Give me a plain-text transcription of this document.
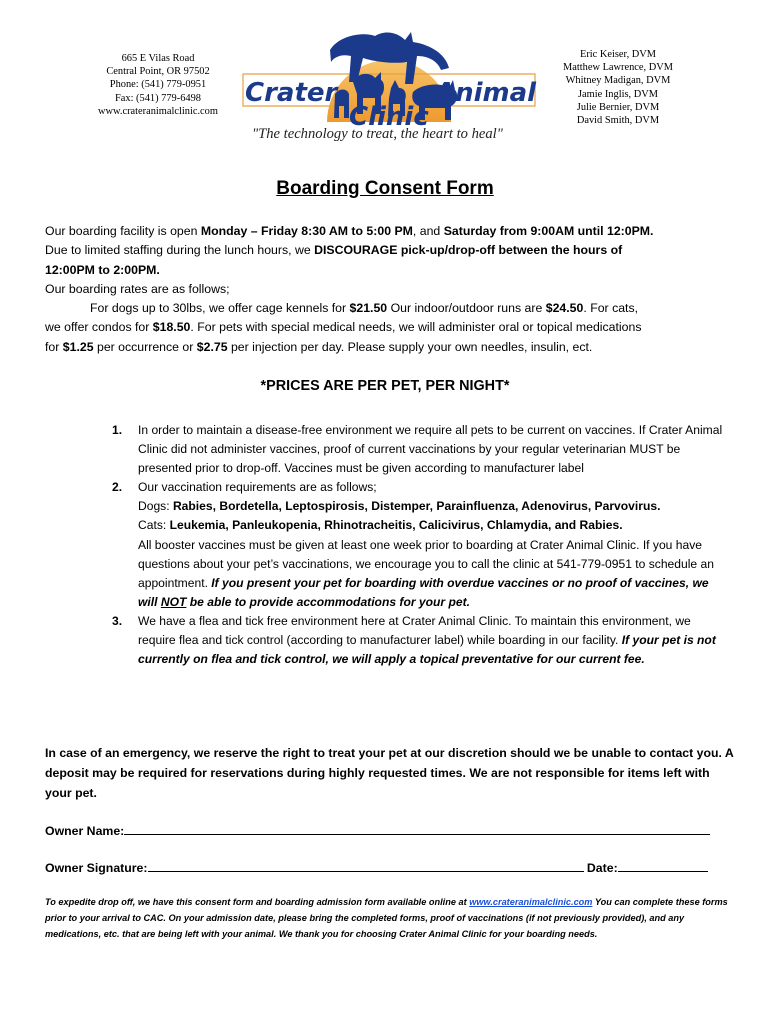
665 E Vilas Road
Central Point, OR 97502
Phone: (541) 779-0951
Fax: (541) 779-6498
www.crateranimalclinic.com
Crater	Animal
Clinic
"The technology to treat, the heart to heal"
Eric Keiser, DVM
Matthew Lawrence, DVM
Whitney Madigan, DVM
Jamie Inglis, DVM
Julie Bernier, DVM
David Smith, DVM
Boarding Consent Form
Our boarding facility is open Monday – Friday 8:30 AM to 5:00 PM, and Saturday from 9:00AM until 12:0PM.
Due to limited staffing during the lunch hours, we DISCOURAGE pick-up/drop-off between the hours of
12:00PM to 2:00PM.
Our boarding rates are as follows;
For dogs up to 30lbs, we offer cage kennels for $21.50 Our indoor/outdoor runs are $24.50. For cats,
we offer condos for $18.50. For pets with special medical needs, we will administer oral or topical medications
for $1.25 per occurrence or $2.75 per injection per day. Please supply your own needles, insulin, ect.
*PRICES ARE PER PET, PER NIGHT*
1. In order to maintain a disease-free environment we require all pets to be current on vaccines. If Crater Animal Clinic did not administer vaccines, proof of current vaccinations by your regular veterinarian MUST be presented prior to drop-off. Vaccines must be given according to manufacturer label
2. Our vaccination requirements are as follows;
Dogs: Rabies, Bordetella, Leptospirosis, Distemper, Parainfluenza, Adenovirus, Parvovirus.
Cats: Leukemia, Panleukopenia, Rhinotracheitis, Calicivirus, Chlamydia, and Rabies.
All booster vaccines must be given at least one week prior to boarding at Crater Animal Clinic. If you have questions about your pet’s vaccinations, we encourage you to call the clinic at 541-779-0951 to schedule an appointment. If you present your pet for boarding with overdue vaccines or no proof of vaccines, we will NOT be able to provide accommodations for your pet.
3. We have a flea and tick free environment here at Crater Animal Clinic. To maintain this environment, we require flea and tick control (according to manufacturer label) while boarding in our facility. If your pet is not currently on flea and tick control, we will apply a topical preventative for our current fee.
In case of an emergency, we reserve the right to treat your pet at our discretion should we be unable to contact you. A deposit may be required for reservations during highly requested times. We are not responsible for items left with your pet.
Owner Name:
Owner Signature:	Date:
To expedite drop off, we have this consent form and boarding admission form available online at www.crateranimalclinic.com You can complete these forms prior to your arrival to CAC. On your admission date, please bring the completed forms, proof of vaccinations (if not previously provided), and any medications, etc. that are being left with your animal. We thank you for choosing Crater Animal Clinic for your boarding needs.
